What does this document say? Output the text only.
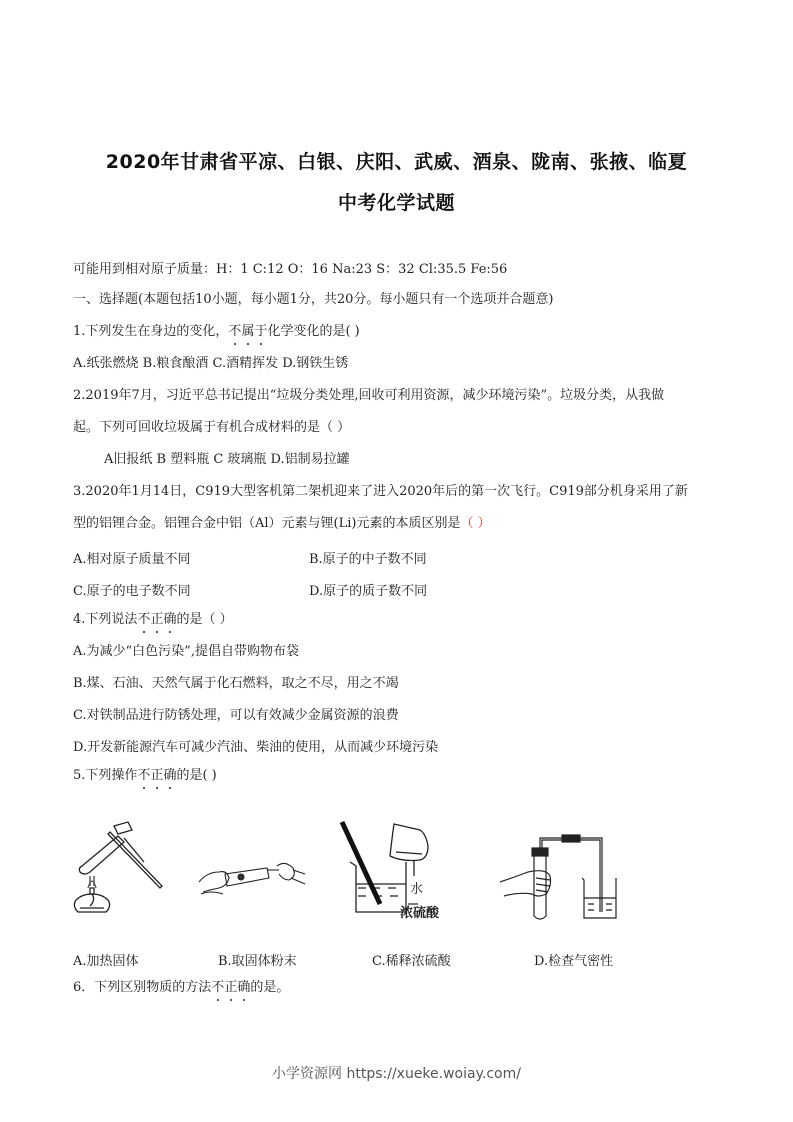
2020年甘肃省平凉、白银、庆阳、武威、酒泉、陇南、张掖、临夏
中考化学试题
可能用到相对原子质量：H：1 C:12 O：16 Na:23 S：32 Cl:35.5 Fe:56
一、选择题(本题包括10小题，每小题1分，共20分。每小题只有一个选项并合题意)
1.下列发生在身边的变化，不属于化学变化的是( )
A.纸张燃烧 B.粮食酿酒 C.酒精挥发 D.钢铁生锈
2.2019年7月，习近平总书记提出“垃圾分类处理,回收可利用资源，减少环境污染”。垃圾分类，从我做
起。下列可回收垃圾属于有机合成材料的是（ ）
A旧报纸 B 塑料瓶 C 玻璃瓶 D.铝制易拉罐
3.2020年1月14日，C919大型客机第二架机迎来了进入2020年后的第一次飞行。C919部分机身采用了新
型的铝锂合金。铝锂合金中铝（Al）元素与锂(Li)元素的本质区别是（ ）
A.相对原子质量不同	B.原子的中子数不同
C.原子的电子数不同	D.原子的质子数不同
4.下列说法不正确的是（ ）
A.为减少“白色污染”,提倡自带购物布袋
B.煤、石油、天然气属于化石燃料，取之不尽，用之不竭
C.对铁制品进行防锈处理，可以有效减少金属资源的浪费
D.开发新能源汽车可减少汽油、柴油的使用，从而减少环境污染
5.下列操作不正确的是( )
水
浓硫酸
A.加热固体	B.取固体粉末	C.稀释浓硫酸	D.检查气密性
6．下列区别物质的方法不正确的是。
小学资源网 https://xueke.woiay.com/
